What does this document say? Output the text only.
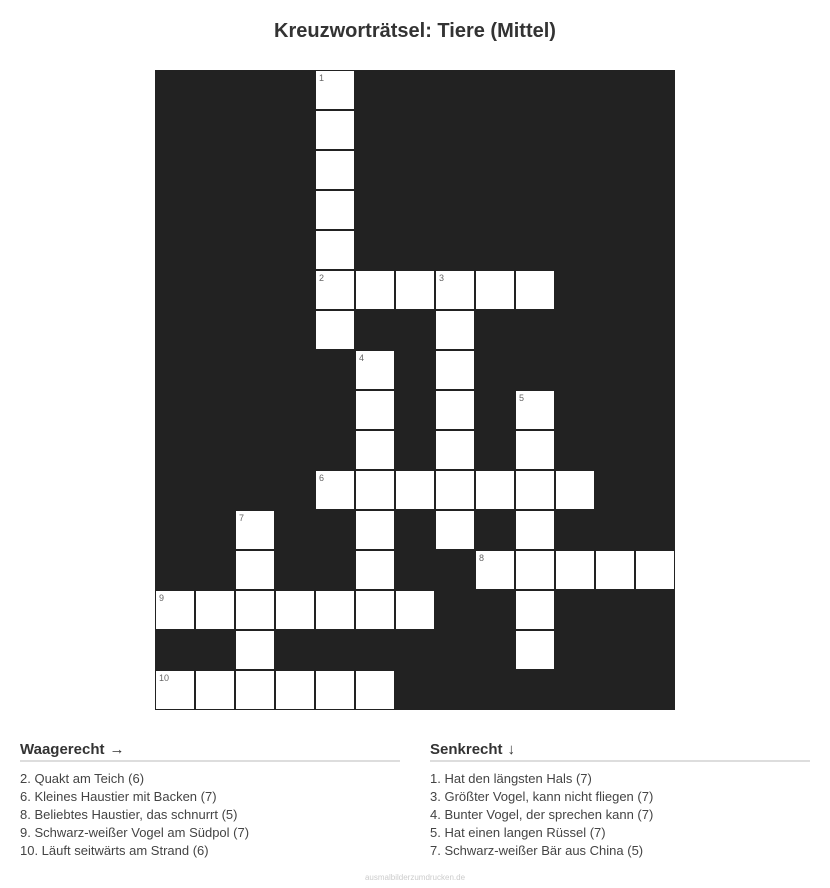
Kreuzworträtsel: Tiere (Mittel)
1
2	3
4
5
6
7
8
9
10
Waagerecht →
2. Quakt am Teich (6)
6. Kleines Haustier mit Backen (7)
8. Beliebtes Haustier, das schnurrt (5)
9. Schwarz-weißer Vogel am Südpol (7)
10. Läuft seitwärts am Strand (6)
Senkrecht ↓
1. Hat den längsten Hals (7)
3. Größter Vogel, kann nicht fliegen (7)
4. Bunter Vogel, der sprechen kann (7)
5. Hat einen langen Rüssel (7)
7. Schwarz-weißer Bär aus China (5)
ausmalbilderzumdrucken.de
